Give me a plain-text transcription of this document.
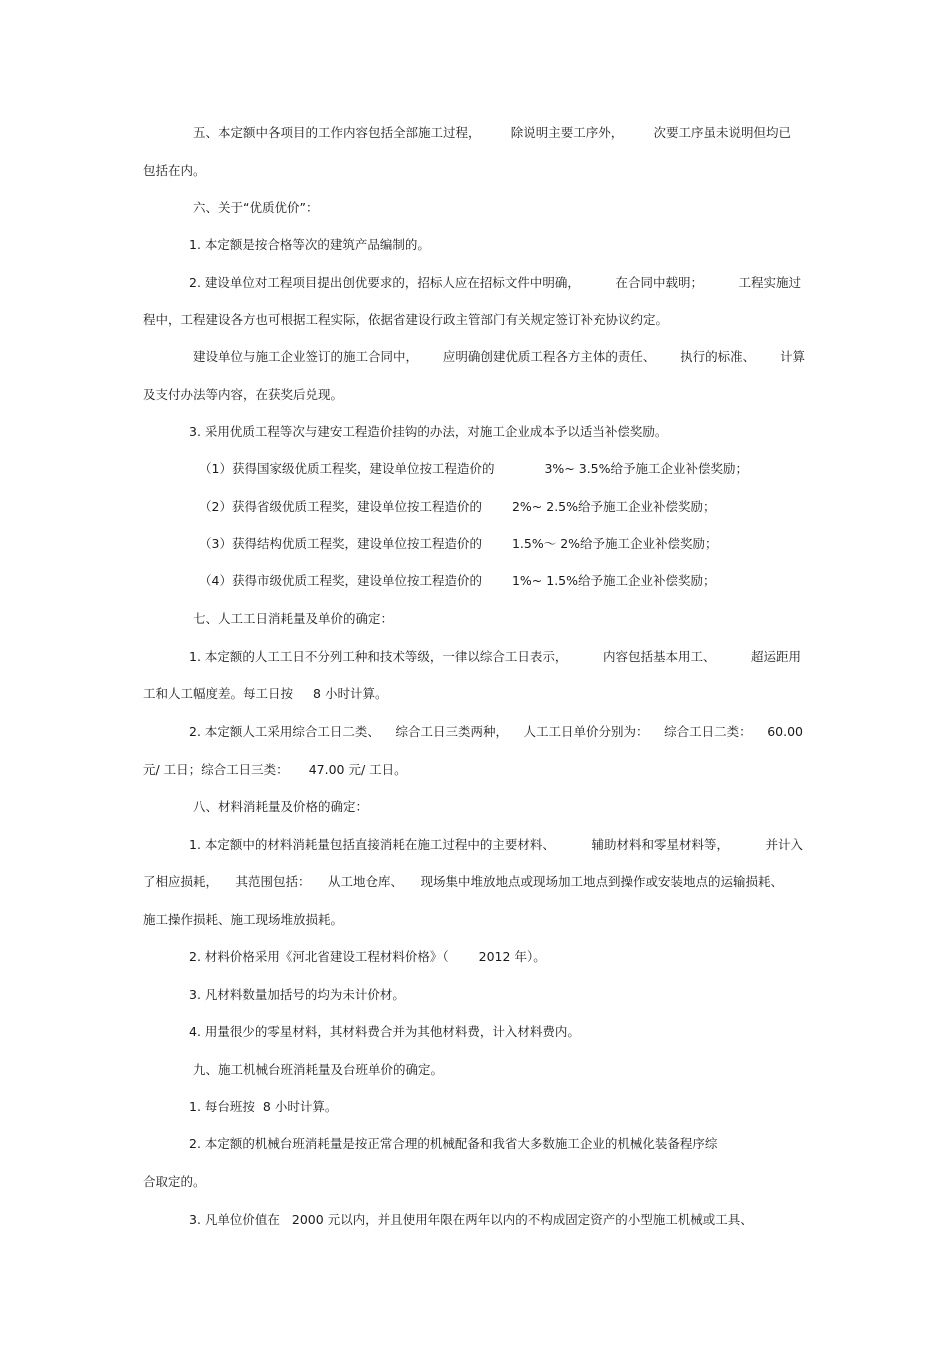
五、本定额中各项目的工作内容包括全部施工过程， 除说明主要工序外， 次要工序虽未说明但均已
包括在内。
六、关于“优质优价”：
1. 本定额是按合格等次的建筑产品编制的。
2. 建设单位对工程项目提出创优要求的，招标人应在招标文件中明确，	在合同中载明；	工程实施过
程中，工程建设各方也可根据工程实际，依据省建设行政主管部门有关规定签订补充协议约定。
建设单位与施工企业签订的施工合同中， 应明确创建优质工程各方主体的责任、 执行的标准、 计算
及支付办法等内容，在获奖后兑现。
3. 采用优质工程等次与建安工程造价挂钩的办法，对施工企业成本予以适当补偿奖励。
（1）获得国家级优质工程奖，建设单位按工程造价的	3%~ 3.5%给予施工企业补偿奖励；
（2）获得省级优质工程奖，建设单位按工程造价的 2%~ 2.5%给予施工企业补偿奖励；
（3）获得结构优质工程奖，建设单位按工程造价的 1.5%～ 2%给予施工企业补偿奖励；
（4）获得市级优质工程奖，建设单位按工程造价的 1%~ 1.5%给予施工企业补偿奖励；
七、人工工日消耗量及单价的确定：
1. 本定额的人工工日不分列工种和技术等级，一律以综合工日表示，	内容包括基本用工、	超运距用
工和人工幅度差。每工日按 8 小时计算。
2. 本定额人工采用综合工日二类、 综合工日三类两种， 人工工日单价分别为： 综合工日二类： 60.00
元/ 工日；综合工日三类： 47.00 元/ 工日。
八、材料消耗量及价格的确定：
1. 本定额中的材料消耗量包括直接消耗在施工过程中的主要材料、	辅助材料和零星材料等，	并计入
了相应损耗， 其范围包括： 从工地仓库、 现场集中堆放地点或现场加工地点到操作或安装地点的运输损耗、
施工操作损耗、施工现场堆放损耗。
2. 材料价格采用《河北省建设工程材料价格》（ 2012 年）。
3. 凡材料数量加括号的均为未计价材。
4. 用量很少的零星材料，其材料费合并为其他材料费，计入材料费内。
九、施工机械台班消耗量及台班单价的确定。
1. 每台班按 8 小时计算。
2. 本定额的机械台班消耗量是按正常合理的机械配备和我省大多数施工企业的机械化装备程序综
合取定的。
3. 凡单位价值在 2000 元以内，并且使用年限在两年以内的不构成固定资产的小型施工机械或工具、
